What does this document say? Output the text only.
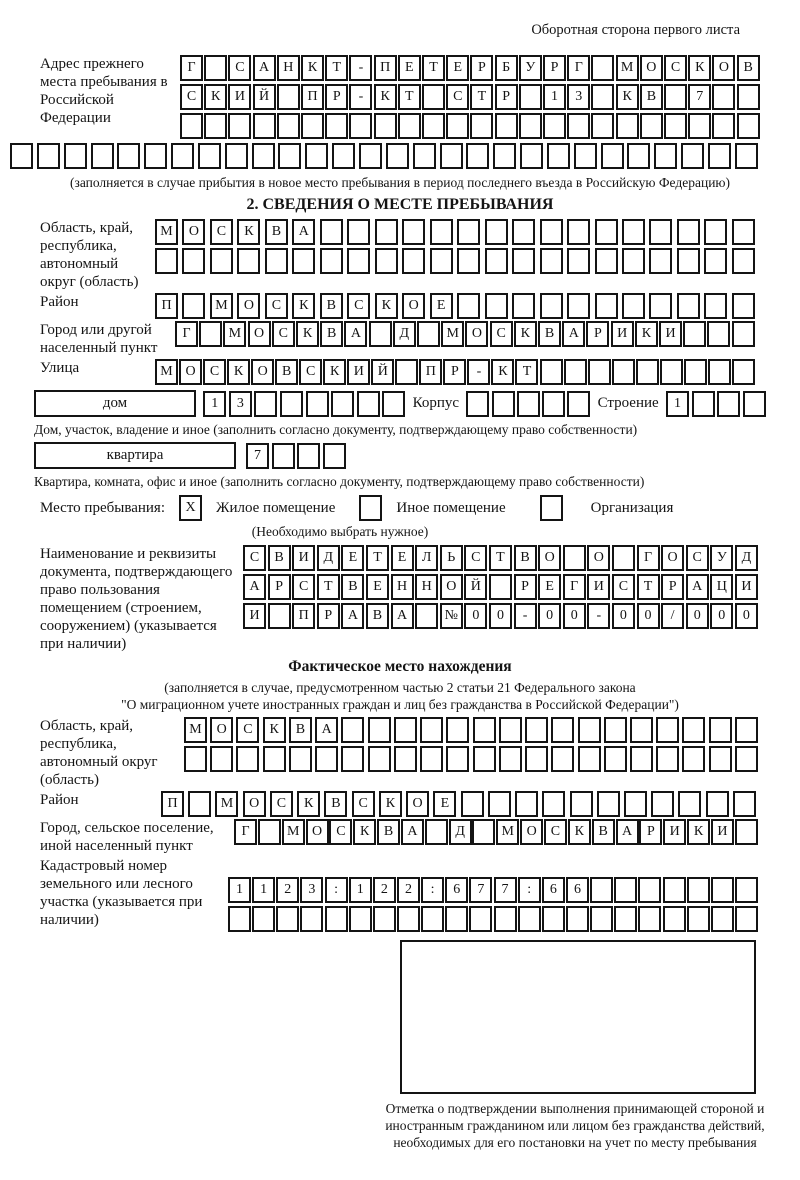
Оборотная сторона первого листа
Адрес прежнего места пребывания в Российской Федерации
Г	С	А	Н	К	Т	-	П	Е	Т	Е	Р	Б	У	Р	Г	М О	С	К	О	В
С	К	И	Й	П	Р	-	К	Т	С	Т	Р	1	3	К	В	7
(заполняется в случае прибытия в новое место пребывания в период последнего въезда в Российскую Федерацию)
2. СВЕДЕНИЯ О МЕСТЕ ПРЕБЫВАНИЯ
Область, край, республика, автономный округ (область)
М	О	С	К	В	А
Район	П	М	О	С	К	В	С	К	О	Е
Город или другой населенный пункт
Г	М О	С	К	В	А	Д	М О	С	К	В	А	Р	И	К	И
Улица	М О	С	К	О	В	С	К	И Й	П	Р	-	К	Т
дом	1	3	Корпус	Строение	1
Дом, участок, владение и иное (заполнить согласно документу, подтверждающему право собственности)
квартира	7
Квартира, комната, офис и иное (заполнить согласно документу, подтверждающему право собственности)
Место пребывания:	X	Жилое помещение	Иное помещение	Организация
(Необходимо выбрать нужное)
Наименование и реквизиты документа, подтверждающего право пользования помещением (строением, сооружением) (указывается при наличии)
С	В	И	Д	Е	Т	Е	Л	Ь	С	Т	В	О	О	Г	О	С	У	Д
А	Р	С	Т	В	Е	Н	Н	О	Й	Р	Е	Г	И	С	Т	Р	А	Ц	И
И	П	Р	А	В	А	№	0	0	-	0	0	-	0	0	/	0	0	0
Фактическое место нахождения
(заполняется в случае, предусмотренном частью 2 статьи 21 Федерального закона
"О миграционном учете иностранных граждан и лиц без гражданства в Российской Федерации")
Область, край, республика, автономный округ (область)
М	О	С	К	В	А
Район	П	М	О	С	К	В	С	К	О	Е
Город, сельское поселение, иной населенный пункт
Г	М О	С	К	В	А	Д	М О	С	К	В	А	Р	И	К	И
Кадастровый номер земельного или лесного участка (указывается при наличии)
1	1	2	3	:	1	2	2	:	6	7	7	:	6	6
Отметка о подтверждении выполнения принимающей стороной и иностранным гражданином или лицом без гражданства действий, необходимых для его постановки на учет по месту пребывания
